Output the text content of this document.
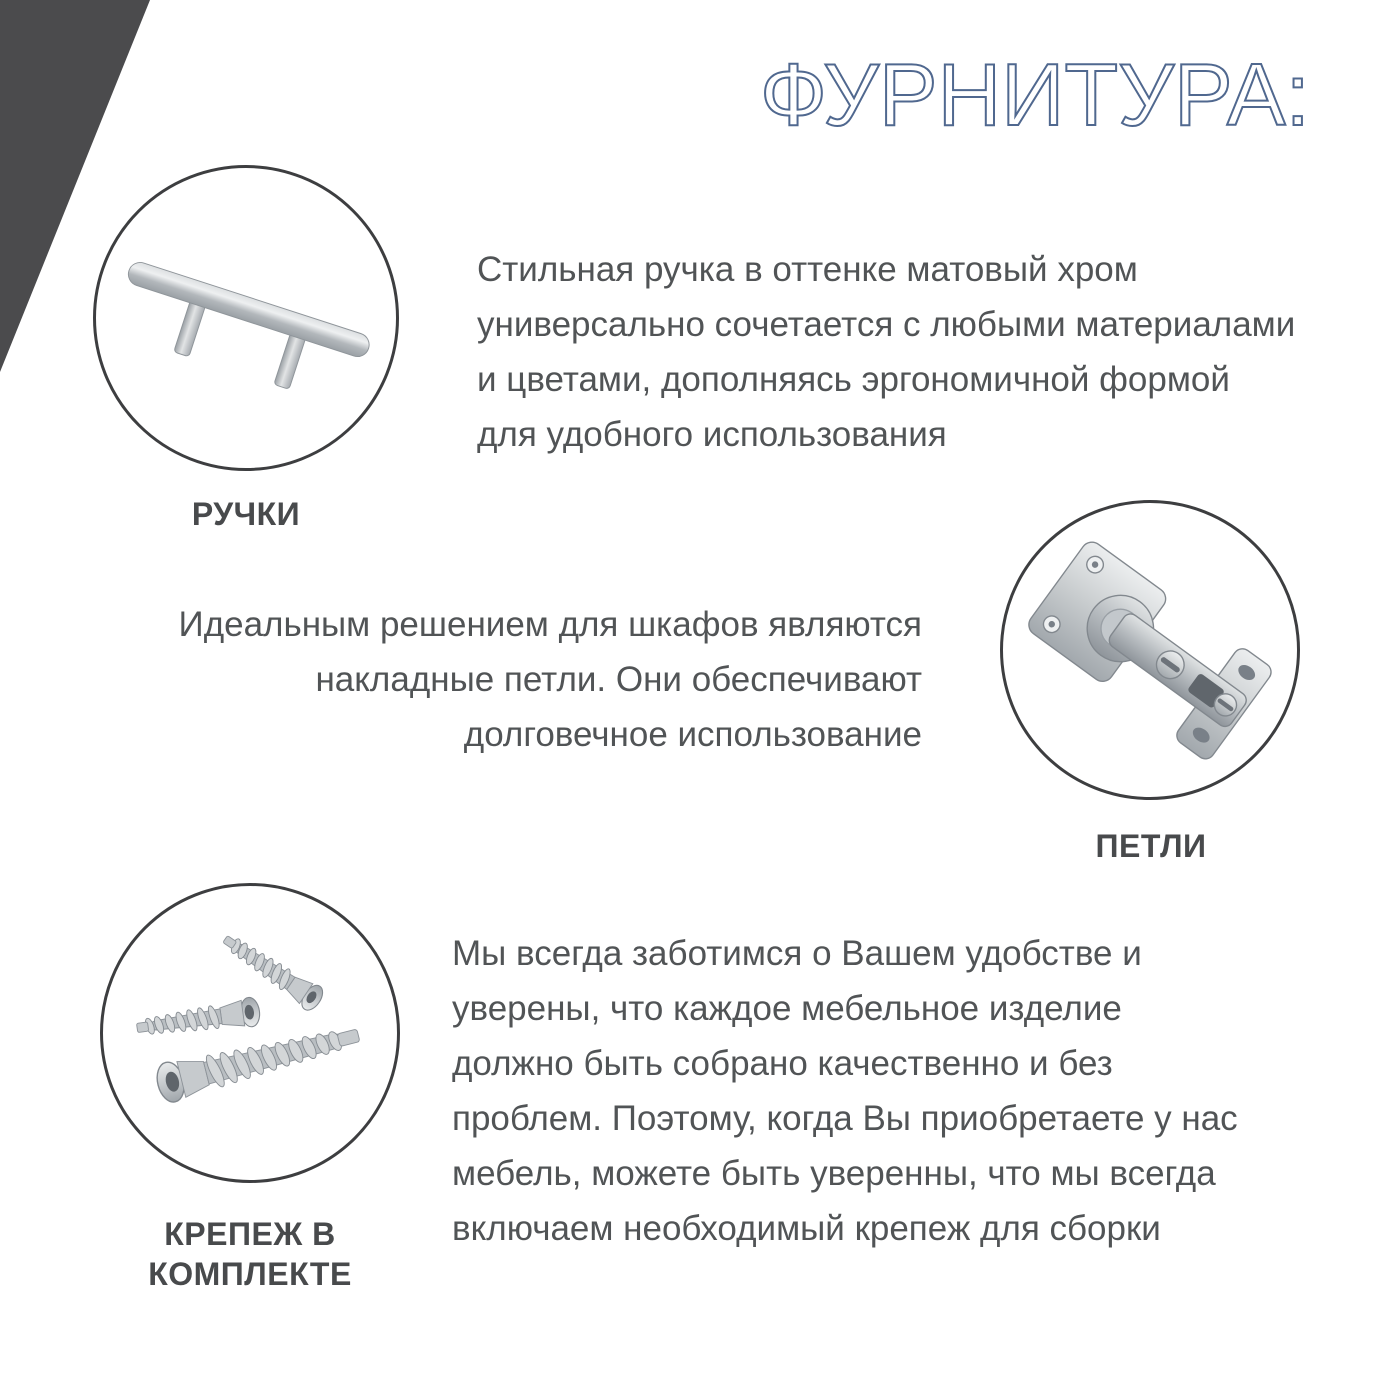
ФУРНИТУРА:
РУЧКИ
Стильная ручка в оттенке матовый хром
универсально сочетается с любыми материалами
и цветами, дополняясь эргономичной формой
для удобного использования
ПЕТЛИ
Идеальным решением для шкафов являются
накладные петли. Они обеспечивают
долговечное использование
КРЕПЕЖ В КОМПЛЕКТЕ
Мы всегда заботимся о Вашем удобстве и
уверены, что каждое мебельное изделие
должно быть собрано качественно и без
проблем. Поэтому, когда Вы приобретаете у нас
мебель, можете быть уверенны, что мы всегда
включаем необходимый крепеж для сборки
